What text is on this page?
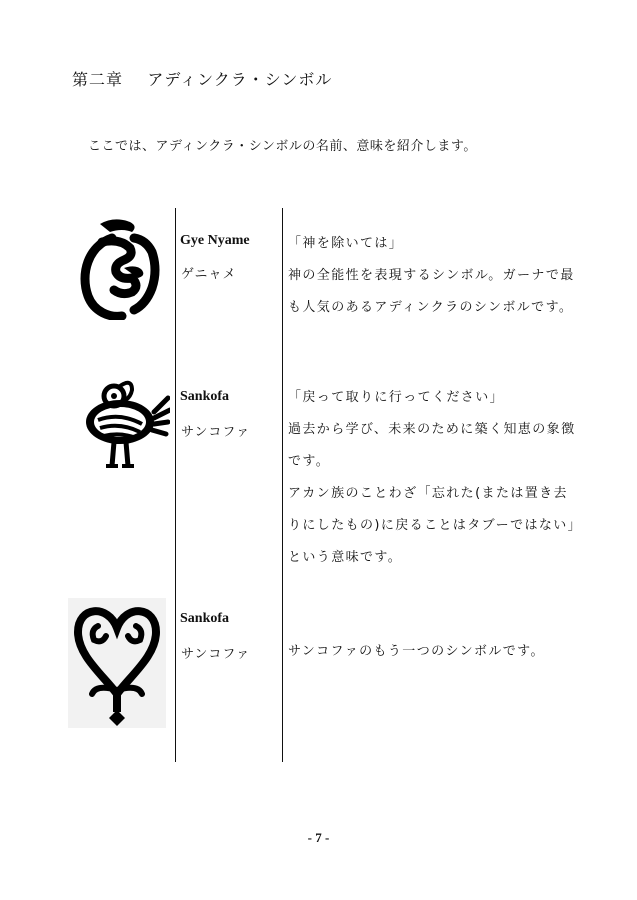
第二章 アディンクラ・シンボル
ここでは、アディンクラ・シンボルの名前、意味を紹介します。
Gye Nyame
ゲニャメ

「神を除いては」

神の全能性を表現するシンボル。ガーナで最も人気のあるアディンクラのシンボルです。

Sankofa
サンコファ

「戻って取りに行ってください」

過去から学び、未来のために築く知恵の象徴です。

アカン族のことわざ「忘れた(または置き去りにしたもの)に戻ることはタブーではない」という意味です。

Sankofa
サンコファ	サンコファのもう一つのシンボルです。

- 7 -
